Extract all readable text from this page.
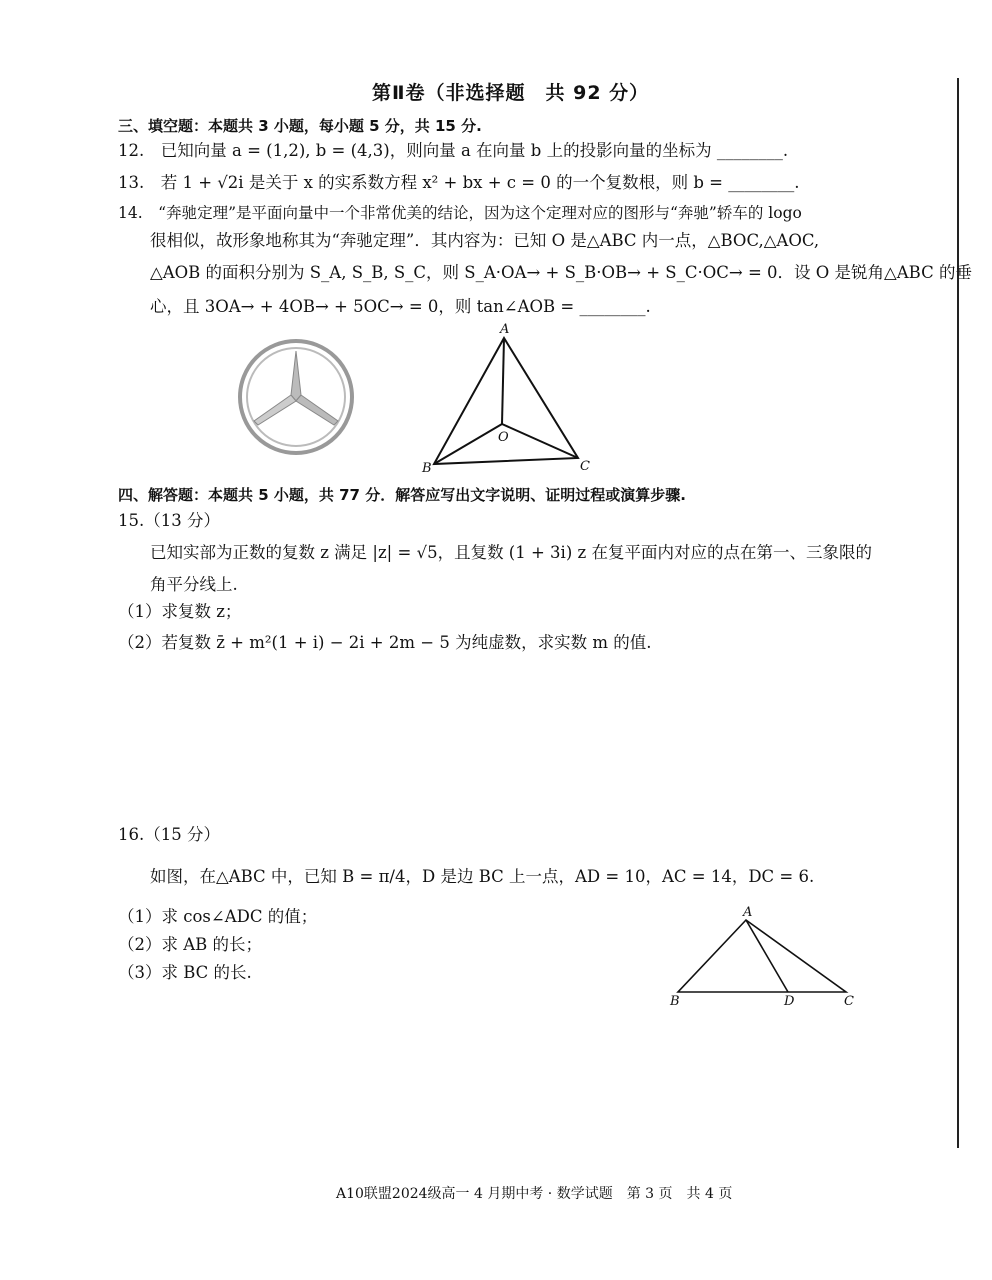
第Ⅱ卷（非选择题　共 92 分）
三、填空题：本题共 3 小题，每小题 5 分，共 15 分.
12.　已知向量 a = (1,2), b = (4,3)，则向量 a 在向量 b 上的投影向量的坐标为 ________.
13.　若 1 + √2i 是关于 x 的实系数方程 x² + bx + c = 0 的一个复数根，则 b = ________.
14.　“奔驰定理”是平面向量中一个非常优美的结论，因为这个定理对应的图形与“奔驰”轿车的 logo
很相似，故形象地称其为“奔驰定理”．其内容为：已知 O 是△ABC 内一点，△BOC,△AOC,
△AOB 的面积分别为 S_A, S_B, S_C，则 S_A·OA→ + S_B·OB→ + S_C·OC→ = 0．设 O 是锐角△ABC 的垂
心，且 3OA→ + 4OB→ + 5OC→ = 0，则 tan∠AOB = ________.
A
B	C
O
四、解答题：本题共 5 小题，共 77 分．解答应写出文字说明、证明过程或演算步骤.
15.（13 分）
已知实部为正数的复数 z 满足 |z| = √5，且复数 (1 + 3i) z 在复平面内对应的点在第一、三象限的
角平分线上.
（1）求复数 z；
（2）若复数 z̄ + m²(1 + i) − 2i + 2m − 5 为纯虚数，求实数 m 的值.
16.（15 分）
如图，在△ABC 中，已知 B = π/4，D 是边 BC 上一点，AD = 10，AC = 14，DC = 6.
（1）求 cos∠ADC 的值；
（2）求 AB 的长；
（3）求 BC 的长.
A
B	D	C
A10联盟2024级高一 4 月期中考 · 数学试题　第 3 页　共 4 页
